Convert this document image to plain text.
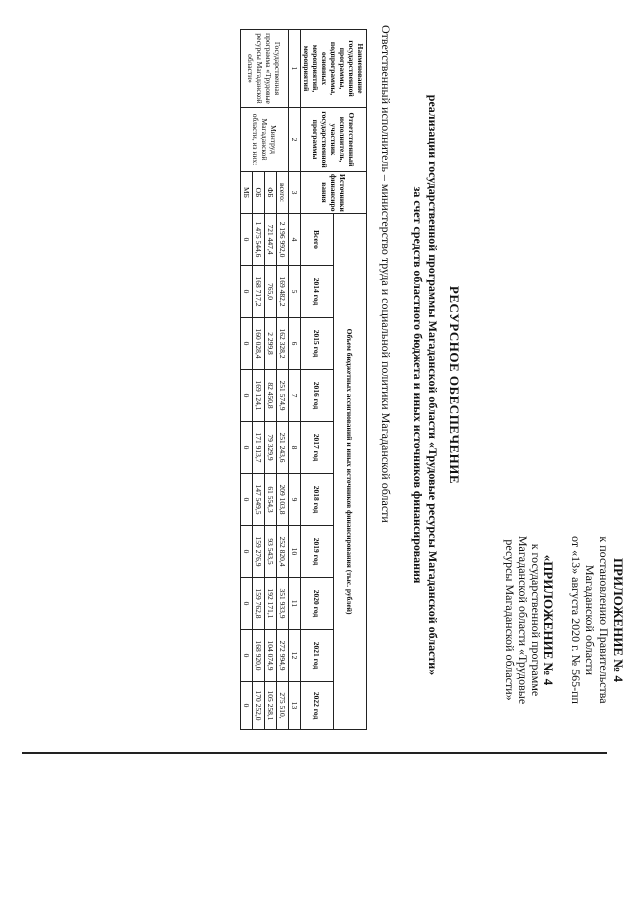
ПРИЛОЖЕНИЕ № 4
к постановлению Правительства
Магаданской области
от «13» августа 2020 г. № 565-пп
«ПРИЛОЖЕНИЕ № 4
к государственной программе
Магаданской области «Трудовые
ресурсы Магаданской области»
РЕСУРСНОЕ ОБЕСПЕЧЕНИЕ
реализации государственной программы Магаданской области «Трудовые ресурсы Магаданской области»
за счет средств областного бюджета и иных источников финансирования
Ответственный исполнитель – министерство труда и социальной политики Магаданской области
Наименование государственной программы, подпрограммы, основных мероприятий, мероприятий	Ответственный исполнитель, участник государственной программы	Источники финансиро вания	Объем бюджетных ассигнований и иных источников финансирования (тыс. рублей)									
			Всего	2014 год	2015 год	2016 год	2017 год	2018 год	2019 год	2020 год	2021 год	2022 год
1	2	3	4	5	6	7	8	9	10	11	12	13
Государственная программа «Трудовые ресурсы Магаданской области»	Минтруд Магаданской области, из них:	всего:	2 196 992,0	169 482,2	162 328,2	251 574,9	251 243,6	209 103,8	252 820,4	351 933,9	272 994,9	275 510,
		ФБ	721 447,4	765,0	2 299,8	82 450,8	79 329,9	61 554,3	93 543,5	192 171,1	104 074,9	105 258,1
		ОБ	1 475 544,6	168 717,2	160 028,4	169 124,1	171 913,7	147 549,5	159 276,9	159 762,8	168 920,0	170 252,0
		МБ	0	0	0	0	0	0	0	0	0	0
